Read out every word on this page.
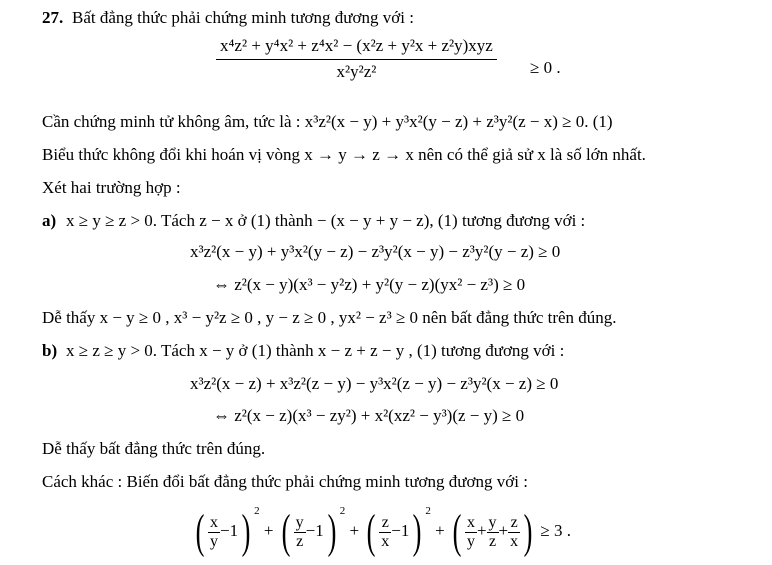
27. Bất đẳng thức phải chứng minh tương đương với :
x⁴z² + y⁴x² + z⁴x² − (x²z + y²x + z²y)xyz
x²y²z²	≥ 0 .
Cần chứng minh tử không âm, tức là : x³z²(x − y) + y³x²(y − z) + z³y²(z − x) ≥ 0. (1)
Biểu thức không đổi khi hoán vị vòng x → y → z → x nên có thể giả sử x là số lớn nhất.
Xét hai trường hợp :
a) x ≥ y ≥ z > 0. Tách z − x ở (1) thành − (x − y + y − z), (1) tương đương với :
x³z²(x − y) + y³x²(y − z) − z³y²(x − y) − z³y²(y − z) ≥ 0
⇔ z²(x − y)(x³ − y²z) + y²(y − z)(yx² − z³) ≥ 0
Dễ thấy x − y ≥ 0 , x³ − y²z ≥ 0 , y − z ≥ 0 , yx² − z³ ≥ 0 nên bất đẳng thức trên đúng.
b) x ≥ z ≥ y > 0. Tách x − y ở (1) thành x − z + z − y , (1) tương đương với :
x³z²(x − z) + x³z²(z − y) − y³x²(z − y) − z³y²(x − z) ≥ 0
⇔ z²(x − z)(x³ − zy²) + x²(xz² − y³)(z − y) ≥ 0
Dễ thấy bất đẳng thức trên đúng.
Cách khác : Biến đổi bất đẳng thức phải chứng minh tương đương với :
( $\frac{x}{y} -1$) $^2$ + ( $\frac{y}{z} -1$) $^2$ + ( $\frac{z}{x} -1$) $^2$ + ( $\frac{x}{y} + \frac{y}{z} + \frac{z}{x}$ ) ≥ 3 .
